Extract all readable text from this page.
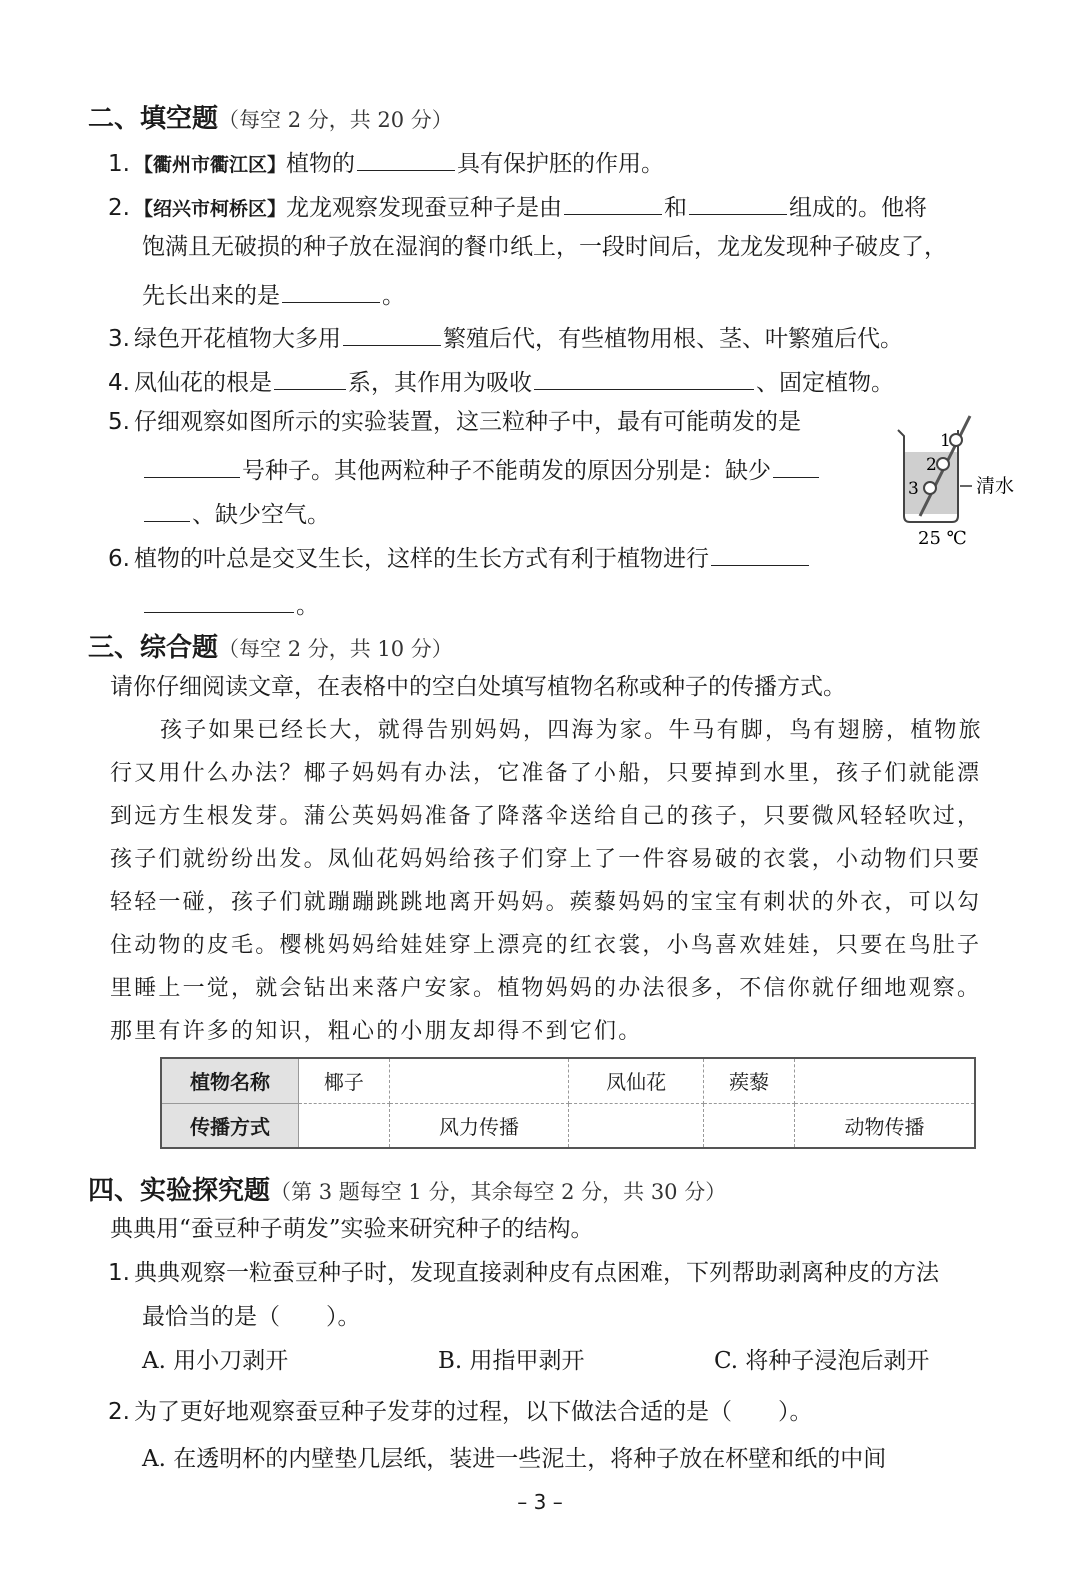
二、填空题（每空 2 分，共 20 分）
1. 【衢州市衢江区】植物的	具有保护胚的作用。
2. 【绍兴市柯桥区】龙龙观察发现蚕豆种子是由	和	组成的。他将
饱满且无破损的种子放在湿润的餐巾纸上，一段时间后，龙龙发现种子破皮了，
先长出来的是	。
3. 绿色开花植物大多用	繁殖后代，有些植物用根、茎、叶繁殖后代。
4. 凤仙花的根是	系，其作用为吸收	、固定植物。
5. 仔细观察如图所示的实验装置，这三粒种子中，最有可能萌发的是
号种子。其他两粒种子不能萌发的原因分别是：缺少
、缺少空气。
1
2
3	清水
25 ℃
6. 植物的叶总是交叉生长，这样的生长方式有利于植物进行
。
三、综合题（每空 2 分，共 10 分）
请你仔细阅读文章，在表格中的空白处填写植物名称或种子的传播方式。
孩子如果已经长大，就得告别妈妈，四海为家。牛马有脚，鸟有翅膀，植物旅
行又用什么办法？椰子妈妈有办法，它准备了小船，只要掉到水里，孩子们就能漂
到远方生根发芽。蒲公英妈妈准备了降落伞送给自己的孩子，只要微风轻轻吹过，
孩子们就纷纷出发。凤仙花妈妈给孩子们穿上了一件容易破的衣裳，小动物们只要
轻轻一碰，孩子们就蹦蹦跳跳地离开妈妈。蒺藜妈妈的宝宝有刺状的外衣，可以勾
住动物的皮毛。樱桃妈妈给娃娃穿上漂亮的红衣裳，小鸟喜欢娃娃，只要在鸟肚子
里睡上一觉，就会钻出来落户安家。植物妈妈的办法很多，不信你就仔细地观察。
那里有许多的知识，粗心的小朋友却得不到它们。
植物名称	椰子		凤仙花	蒺藜	
传播方式		风力传播			动物传播
四、实验探究题（第 3 题每空 1 分，其余每空 2 分，共 30 分）
典典用“蚕豆种子萌发”实验来研究种子的结构。
1. 典典观察一粒蚕豆种子时，发现直接剥种皮有点困难，下列帮助剥离种皮的方法
最恰当的是（　　）。
A. 用小刀剥开	B. 用指甲剥开	C. 将种子浸泡后剥开
2. 为了更好地观察蚕豆种子发芽的过程，以下做法合适的是（　　）。
A. 在透明杯的内壁垫几层纸，装进一些泥土，将种子放在杯壁和纸的中间
– 3 –
